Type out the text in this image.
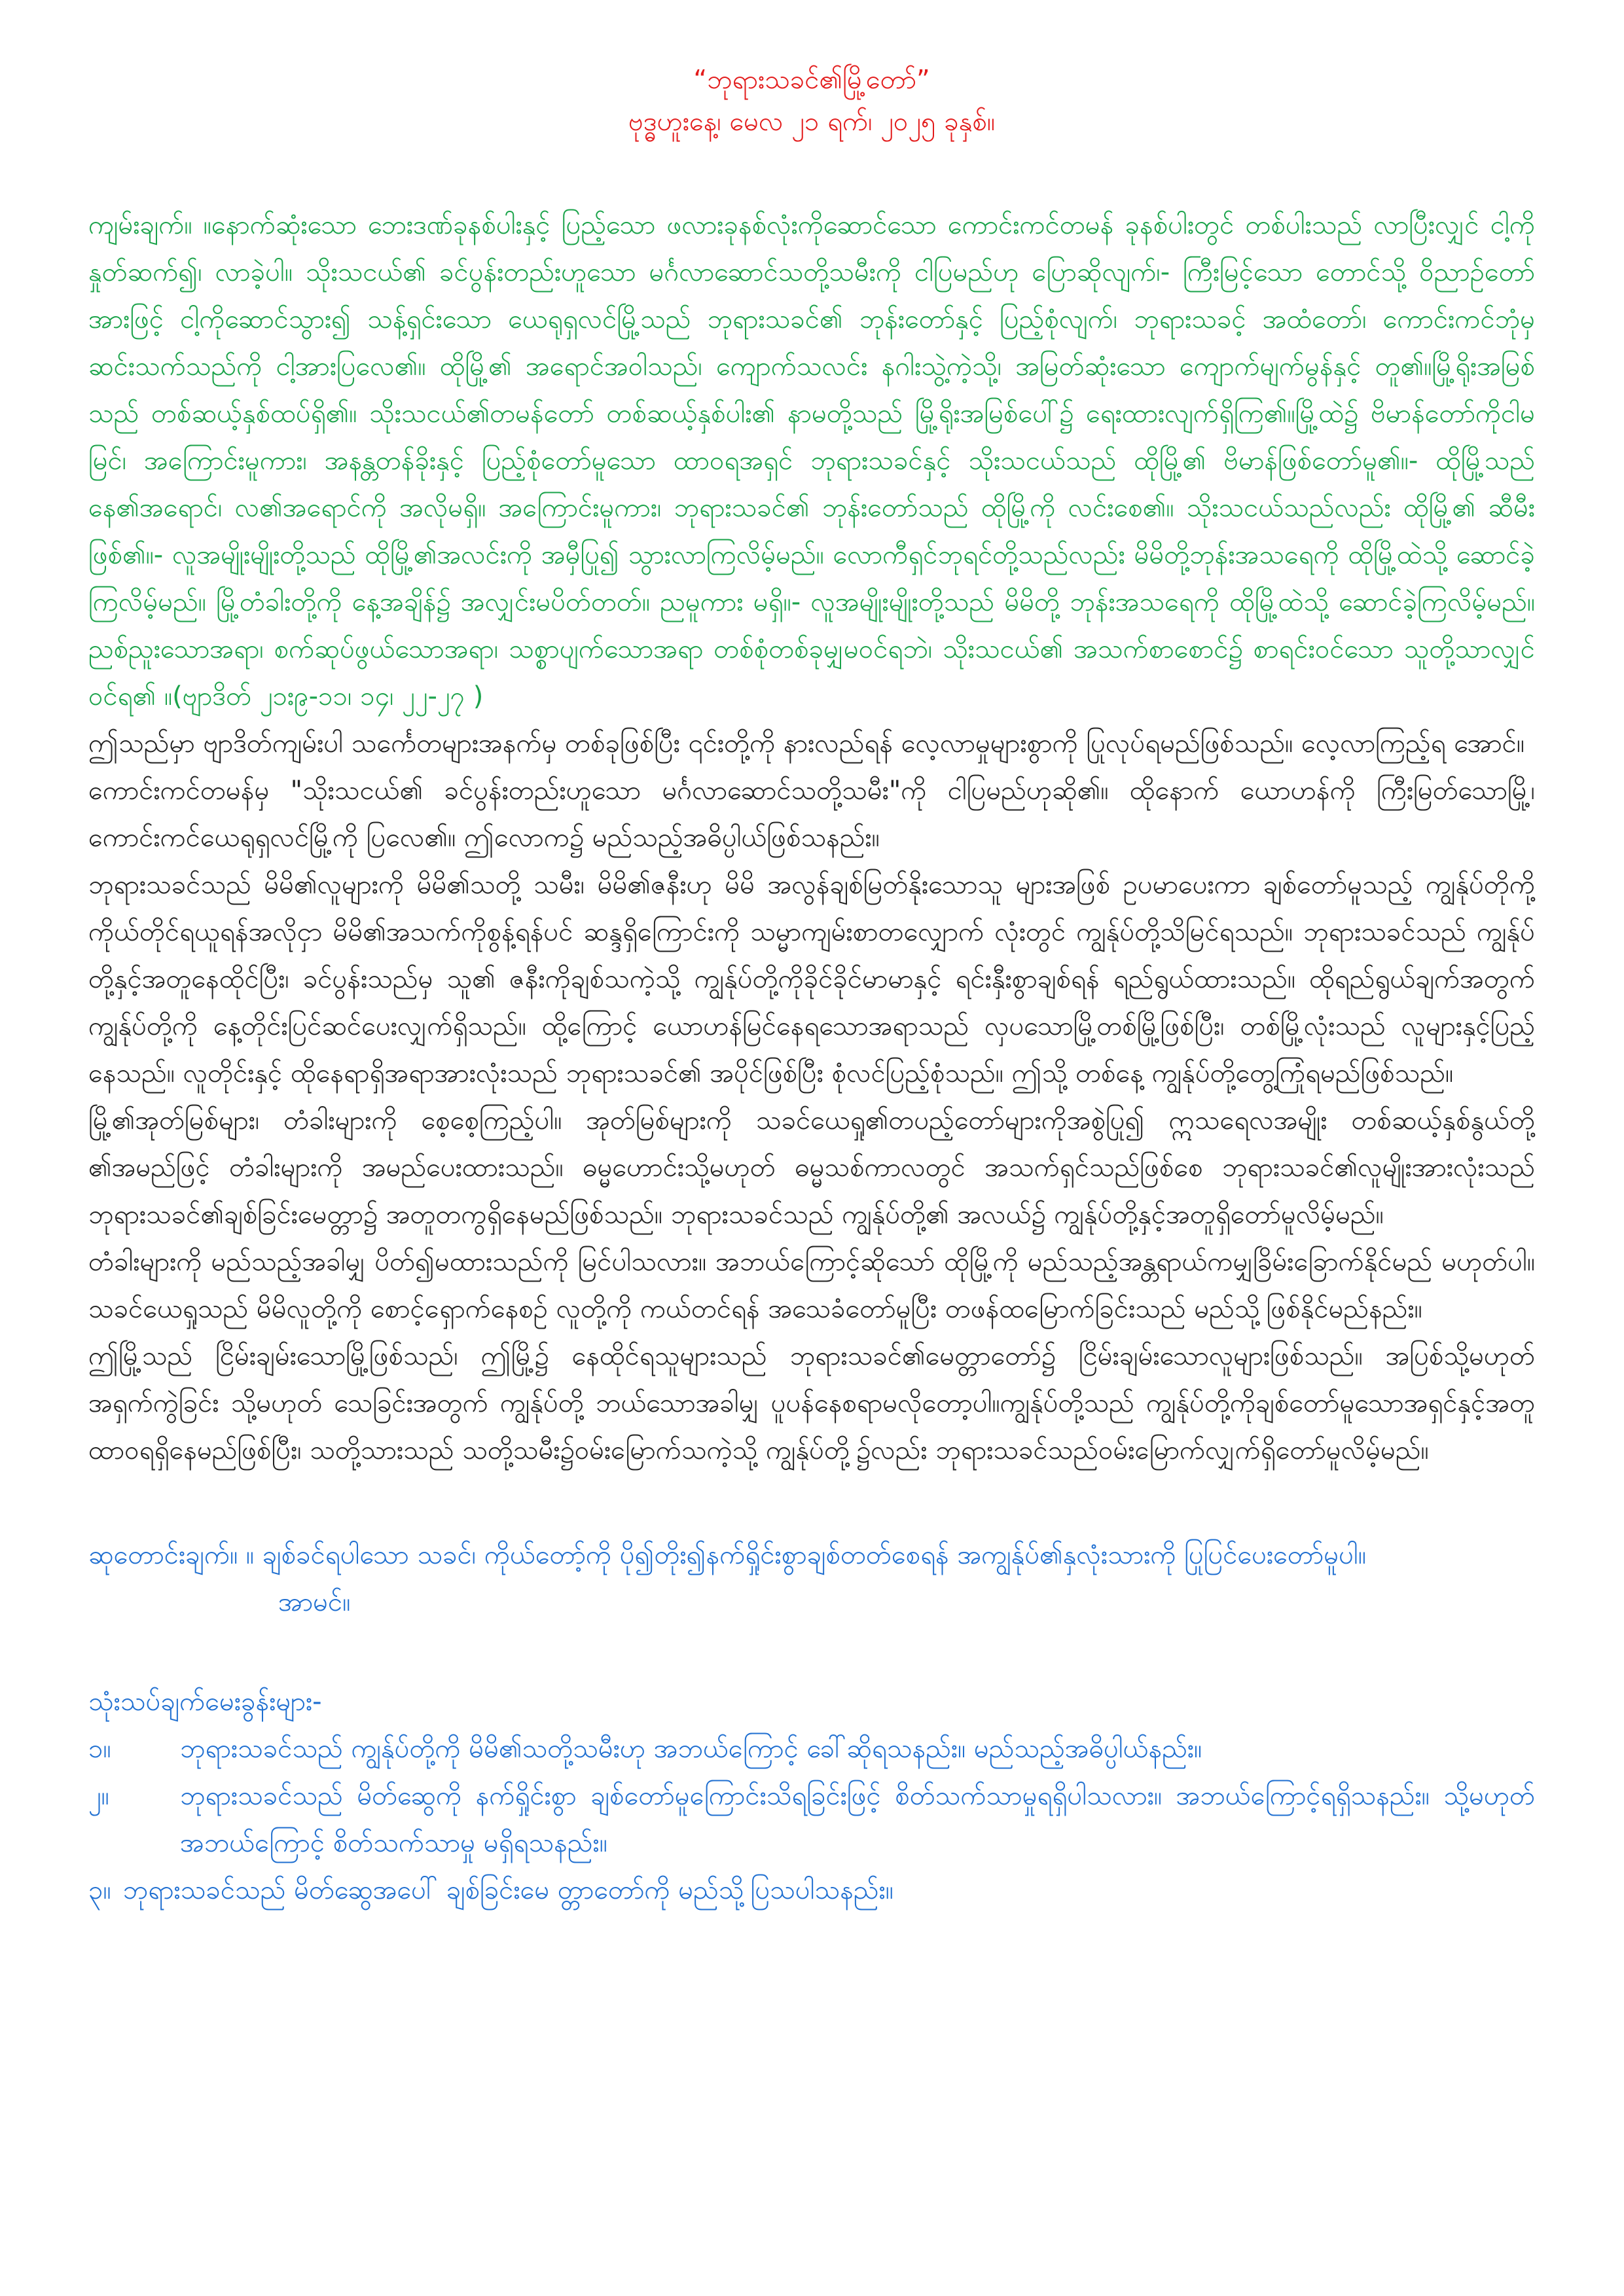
“ဘုရားသခင်၏မြို့တော်”
ဗုဒ္ဓဟူးနေ့၊ မေလ ၂၁ ရက်၊ ၂၀၂၅ ခုနှစ်။

ကျမ်းချက်။ ။နောက်ဆုံးသော ဘေးဒဏ်ခုနစ်ပါးနှင့် ပြည့်သော ဖလားခုနစ်လုံးကိုဆောင်သော ကောင်းကင်တမန် ခုနစ်ပါးတွင် တစ်ပါးသည် လာပြီးလျှင် ငါ့ကိုနှုတ်ဆက်၍၊ လာခဲ့ပါ။ သိုးသငယ်၏ ခင်ပွန်းတည်းဟူသော မင်္ဂလာဆောင်သတို့သမီးကို ငါပြမည်ဟု ပြောဆိုလျက်၊- ကြီးမြင့်သော တောင်သို့ ဝိညာဉ်တော်အားဖြင့် ငါ့ကိုဆောင်သွား၍ သန့်ရှင်းသော ယေရုရှလင်မြို့သည် ဘုရားသခင်၏ ဘုန်းတော်နှင့် ပြည့်စုံလျက်၊ ဘုရားသခင့် အထံတော်၊ ကောင်းကင်ဘုံမှ ဆင်းသက်သည်ကို ငါ့အားပြလေ၏။ ထိုမြို့၏ အရောင်အဝါသည်၊ ကျောက်သလင်း နဂါးသွဲ့ကဲ့သို့၊ အမြတ်ဆုံးသော ကျောက်မျက်မွန်နှင့် တူ၏။မြို့ရိုးအမြစ်သည် တစ်ဆယ့်နှစ်ထပ်ရှိ၏။ သိုးသငယ်၏တမန်တော် တစ်ဆယ့်နှစ်ပါး၏ နာမတို့သည် မြို့ရိုးအမြစ်ပေါ်၌ ရေးထားလျက်ရှိကြ၏။မြို့ထဲ၌ ဗိမာန်တော်ကိုငါမမြင်၊ အကြောင်းမူကား၊ အနန္တတန်ခိုးနှင့် ပြည့်စုံတော်မူသော ထာဝရအရှင် ဘုရားသခင်နှင့် သိုးသငယ်သည် ထိုမြို့၏ ဗိမာန်ဖြစ်တော်မူ၏။- ထိုမြို့သည် နေ၏အရောင်၊ လ၏အရောင်ကို အလိုမရှိ။ အကြောင်းမူကား၊ ဘုရားသခင်၏ ဘုန်းတော်သည် ထိုမြို့ကို လင်းစေ၏။ သိုးသငယ်သည်လည်း ထိုမြို့၏ ဆီမီးဖြစ်၏။- လူအမျိုးမျိုးတို့သည် ထိုမြို့၏အလင်းကို အမှီပြု၍ သွားလာကြလိမ့်မည်။ လောကီရှင်ဘုရင်တို့သည်လည်း မိမိတို့ဘုန်းအသရေကို ထိုမြို့ထဲသို့ ဆောင်ခဲ့ကြလိမ့်မည်။ မြို့တံခါးတို့ကို နေ့အချိန်၌ အလျှင်းမပိတ်တတ်။ ညမူကား မရှိ။- လူအမျိုးမျိုးတို့သည် မိမိတို့ ဘုန်းအသရေကို ထိုမြို့ထဲသို့ ဆောင်ခဲ့ကြလိမ့်မည်။ ညစ်ညူးသောအရာ၊ စက်ဆုပ်ဖွယ်သောအရာ၊ သစ္စာပျက်သောအရာ တစ်စုံတစ်ခုမျှမဝင်ရဘဲ၊ သိုးသငယ်၏ အသက်စာစောင်၌ စာရင်းဝင်သော သူတို့သာလျှင် ဝင်ရ၏ ။(ဗျာဒိတ် ၂၁း၉-၁၁၊ ၁၄၊ ၂၂-၂၇ )

ဤသည်မှာ ဗျာဒိတ်ကျမ်းပါ သင်္ကေတများအနက်မှ တစ်ခုဖြစ်ပြီး ၎င်းတို့ကို နားလည်ရန် လေ့လာမှုများစွာကို ပြုလုပ်ရမည်ဖြစ်သည်။ လေ့လာကြည့်ရ အောင်။

ကောင်းကင်တမန်မှ "သိုးသငယ်၏ ခင်ပွန်းတည်းဟူသော မင်္ဂလာဆောင်သတို့သမီး"ကို ငါပြမည်ဟုဆို၏။ ထိုနောက် ယောဟန်ကို ကြီးမြတ်သောမြို့၊ ကောင်းကင်ယေရုရှလင်မြို့ကို ပြလေ၏။ ဤလောက၌ မည်သည့်အဓိပ္ပါယ်ဖြစ်သနည်း။

ဘုရားသခင်သည် မိမိ၏လူများကို မိမိ၏သတို့ သမီး၊ မိမိ၏ဇနီးဟု မိမိ အလွန်ချစ်မြတ်နိုးသောသူ များအဖြစ် ဥပမာပေးကာ ချစ်တော်မူသည့် ကျွန်ုပ်တိုကို့ ကိုယ်တိုင်ရယူရန်အလိုငှာ မိမိ၏အသက်ကိုစွန့်ရန်ပင် ဆန္ဒရှိကြောင်းကို သမ္မာကျမ်းစာတလျှောက် လုံးတွင် ကျွန်ုပ်တို့သိမြင်ရသည်။ ဘုရားသခင်သည် ကျွန်ုပ်တို့နှင့်အတူနေထိုင်ပြီး၊ ခင်ပွန်းသည်မှ သူ၏ ဇနီးကိုချစ်သကဲ့သို့ ကျွန်ုပ်တို့ကိုခိုင်ခိုင်မာမာနှင့် ရင်းနှီးစွာချစ်ရန် ရည်ရွယ်ထားသည်။ ထိုရည်ရွယ်ချက်အတွက် ကျွန်ုပ်တို့ကို နေ့တိုင်းပြင်ဆင်ပေးလျှက်ရှိသည်။ ထို့ကြောင့် ယောဟန်မြင်နေရသောအရာသည် လှပသောမြို့တစ်မြို့ဖြစ်ပြီး၊ တစ်မြို့လုံးသည် လူများနှင့်ပြည့်နေသည်။ လူတိုင်းနှင့် ထိုနေရာရှိအရာအားလုံးသည် ဘုရားသခင်၏ အပိုင်ဖြစ်ပြီး စုံလင်ပြည့်စုံသည်။ ဤသို့ တစ်နေ့ ကျွန်ုပ်တို့တွေ့ကြုံရမည်ဖြစ်သည်။

မြို့၏အုတ်မြစ်များ၊ တံခါးများကို စေ့စေ့ကြည့်ပါ။ အုတ်မြစ်များကို သခင်ယေရှု၏တပည့်တော်များကိုအစွဲပြု၍ ဣသရေလအမျိုး တစ်ဆယ့်နှစ်နွယ်တို့ ၏အမည်ဖြင့် တံခါးများကို အမည်ပေးထားသည်။ ဓမ္မဟောင်းသို့မဟုတ် ဓမ္မသစ်ကာလတွင် အသက်ရှင်သည်ဖြစ်စေ ဘုရားသခင်၏လူမျိုးအားလုံးသည် ဘုရားသခင်၏ချစ်ခြင်းမေတ္တာ၌ အတူတကွရှိနေမည်ဖြစ်သည်။ ဘုရားသခင်သည် ကျွန်ုပ်တို့၏ အလယ်၌ ကျွန်ုပ်တို့နှင့်အတူရှိတော်မူလိမ့်မည်။

တံခါးများကို မည်သည့်အခါမျှ ပိတ်၍မထားသည်ကို မြင်ပါသလား။ အဘယ်ကြောင့်ဆိုသော် ထိုမြို့ကို မည်သည့်အန္တရာယ်ကမျှခြိမ်းခြောက်နိုင်မည် မဟုတ်ပါ။သခင်ယေရှုသည် မိမိလူတို့ကို စောင့်ရှောက်နေစဥ် လူတို့ကို ကယ်တင်ရန် အသေခံတော်မူပြီး တဖန်ထမြောက်ခြင်းသည် မည်သို့ဖြစ်နိုင်မည်နည်း။

ဤမြို့သည် ငြိမ်းချမ်းသောမြို့ဖြစ်သည်၊ ဤမြို့၌ နေထိုင်ရသူများသည် ဘုရားသခင်၏မေတ္တာတော်၌ ငြိမ်းချမ်းသောလူများဖြစ်သည်။ အပြစ်သို့မဟုတ် အရှက်ကွဲခြင်း သို့မဟုတ် သေခြင်းအတွက် ကျွန်ုပ်တို့ ဘယ်သောအခါမျှ ပူပန်နေစရာမလိုတော့ပါ။ကျွန်ုပ်တို့သည် ကျွန်ုပ်တို့ကိုချစ်တော်မူသောအရှင်နှင့်အတူ ထာဝရရှိနေမည်ဖြစ်ပြီး၊ သတို့သားသည် သတို့သမီး၌ဝမ်းမြောက်သကဲ့သို့ ကျွန်ုပ်တို့၌လည်း ဘုရားသခင်သည်ဝမ်းမြောက်လျှက်ရှိတော်မူလိမ့်မည်။

ဆုတောင်းချက်။ ။ ချစ်ခင်ရပါသော သခင်၊ ကိုယ်တော့်ကို ပို၍တိုး၍နက်ရှိုင်းစွာချစ်တတ်စေရန် အကျွန်ုပ်၏နှလုံးသားကို ပြုပြင်ပေးတော်မူပါ။

အာမင်။

သုံးသပ်ချက်မေးခွန်းများ-

၁။	ဘုရားသခင်သည် ကျွန်ုပ်တို့ကို မိမိ၏သတို့သမီးဟု အဘယ်ကြောင့် ခေါ်ဆိုရသနည်း။ မည်သည့်အဓိပ္ပါယ်နည်း။
၂။	ဘုရားသခင်သည် မိတ်ဆွေကို နက်ရှိုင်းစွာ ချစ်တော်မူကြောင်းသိရခြင်းဖြင့် စိတ်သက်သာမှုရရှိပါသလား။ အဘယ်ကြောင့်ရရှိသနည်း။ သို့မဟုတ် အဘယ်ကြောင့် စိတ်သက်သာမှု မရှိရသနည်း။
၃။ ဘုရားသခင်သည် မိတ်ဆွေအပေါ် ချစ်ခြင်းမေ တ္တာတော်ကို မည်သို့ပြသပါသနည်း။
